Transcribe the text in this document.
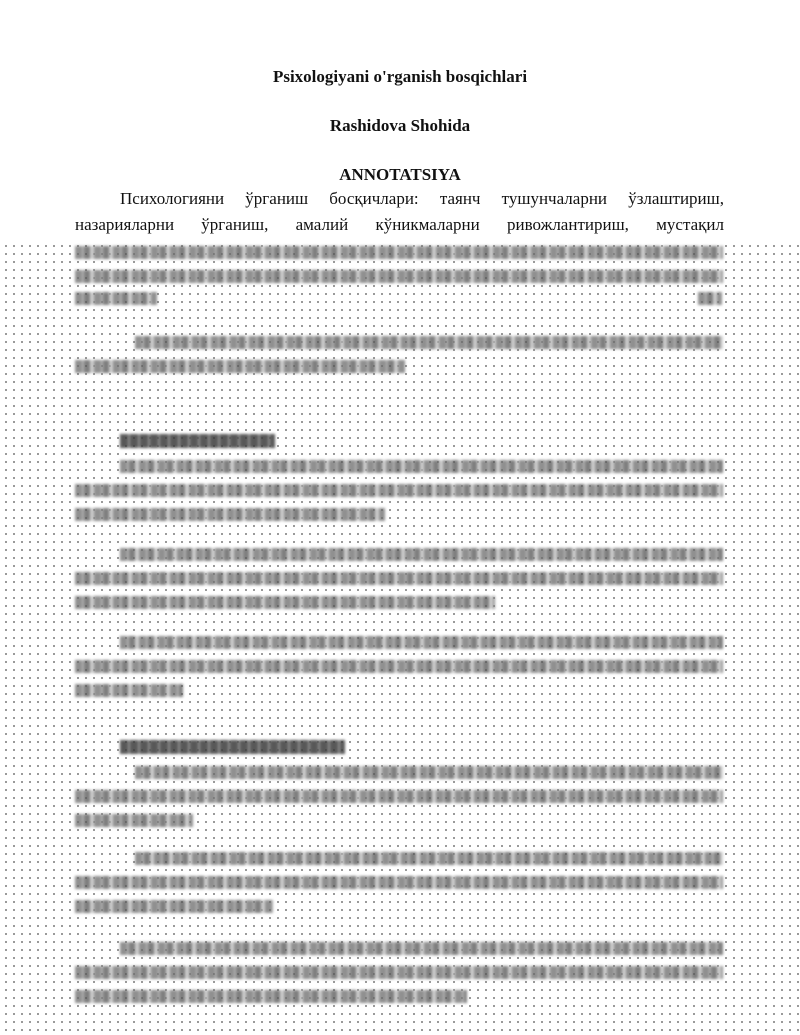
Psixologiyani o'rganish bosqichlari
Rashidova Shohida
ANNOTATSIYA
Психологияни ўрганиш босқичлари: таянч тушунчаларни ўзлаштириш,
назарияларни ўрганиш, амалий кўникмаларни ривожлантириш, мустақил
